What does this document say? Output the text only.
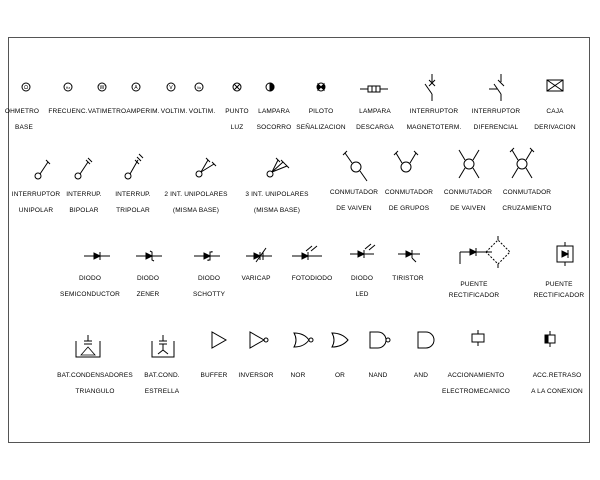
Ω	Hz	W	A	V	Vo
OHMETRO
BASE
FRECUENC. VATIMETRO AMPERIM. VOLTIM. VOLTIM. PUNTO
LUZ
LAMPARA
SOCORRO
PILOTO
SEÑALIZACION
LAMPARA
DESCARGA
INTERRUPTOR
MAGNETOTERM.
INTERRUPTOR
DIFERENCIAL
CAJA
DERIVACION
INTERRUPTOR
UNIPOLAR
INTERRUP.
BIPOLAR
INTERRUP.
TRIPOLAR
2 INT. UNIPOLARES
(MISMA BASE)
3 INT. UNIPOLARES
(MISMA BASE)
CONMUTADOR
DE VAIVEN
CONMUTADOR
DE GRUPOS
CONMUTADOR
DE VAIVEN
CONMUTADOR
CRUZAMIENTO
DIODO
SEMICONDUCTOR
DIODO
ZENER
DIODO
SCHOTTY
VARICAP	FOTODIODO	DIODO
LED
TIRISTOR
PUENTE
RECTIFICADOR
PUENTE
RECTIFICADOR
BAT.CONDENSADORES
TRIANGULO
BAT.COND.
ESTRELLA
BUFFER INVERSOR	NOR	OR	NAND	AND	ACCIONAMIENTO
ELECTROMECANICO
ACC.RETRASO
A LA CONEXION
